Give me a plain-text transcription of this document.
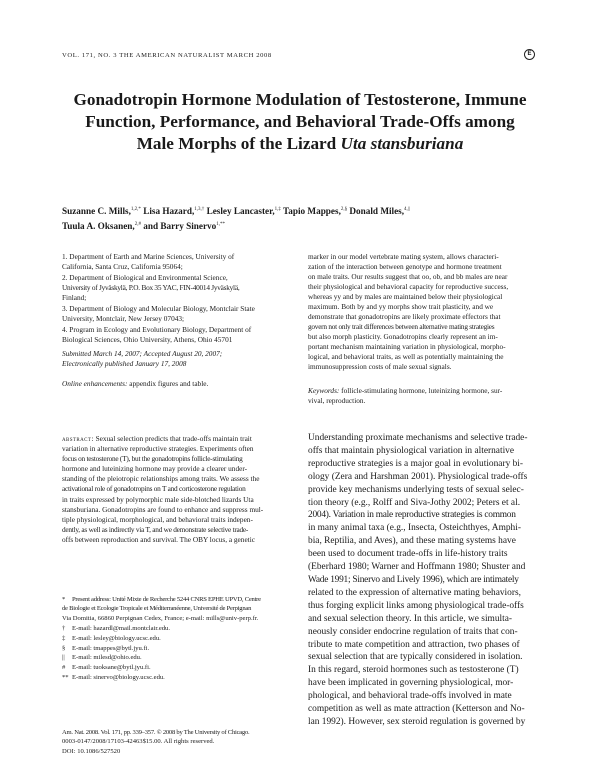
VOL. 171, NO. 3 THE AMERICAN NATURALIST MARCH 2008	E
Gonadotropin Hormone Modulation of Testosterone, Immune
Function, Performance, and Behavioral Trade-Offs among
Male Morphs of the Lizard Uta stansburiana
Suzanne C. Mills,$^{1,2,*}$ Lisa Hazard,$^{1,3,\dagger}$ Lesley Lancaster,$^{1,\ddagger}$ Tapio Mappes,$^{2,\S}$ Donald Miles,$^{4,||}$
Tuula A. Oksanen,$^{2,\#}$ and Barry Sinervo$^{1,**}$
1. Department of Earth and Marine Sciences, University of
California, Santa Cruz, California 95064;
2. Department of Biological and Environmental Science,
University of Jyväskylä, P.O. Box 35 YAC, FIN-40014 Jyväskylä,
Finland;
3. Department of Biology and Molecular Biology, Montclair State
University, Montclair, New Jersey 07043;
4. Program in Ecology and Evolutionary Biology, Department of
Biological Sciences, Ohio University, Athens, Ohio 45701
Submitted March 14, 2007; Accepted August 20, 2007;
Electronically published January 17, 2008
Online enhancements: appendix figures and table.
marker in our model vertebrate mating system, allows characteri-
zation of the interaction between genotype and hormone treatment
on male traits. Our results suggest that oo, ob, and bb males are near
their physiological and behavioral capacity for reproductive success,
whereas yy and by males are maintained below their physiological
maximum. Both by and yy morphs show trait plasticity, and we
demonstrate that gonadotropins are likely proximate effectors that
govern not only trait differences between alternative mating strategies
but also morph plasticity. Gonadotropins clearly represent an im-
portant mechanism maintaining variation in physiological, morpho-
logical, and behavioral traits, as well as potentially maintaining the
immunosuppression costs of male sexual signals.
Keywords: follicle-stimulating hormone, luteinizing hormone, sur-
vival, reproduction.
abstract: Sexual selection predicts that trade-offs maintain trait
variation in alternative reproductive strategies. Experiments often
focus on testosterone (T), but the gonadotropins follicle-stimulating
hormone and luteinizing hormone may provide a clearer under-
standing of the pleiotropic relationships among traits. We assess the
activational role of gonadotropins on T and corticosterone regulation
in traits expressed by polymorphic male side-blotched lizards Uta
stansburiana. Gonadotropins are found to enhance and suppress mul-
tiple physiological, morphological, and behavioral traits indepen-
dently, as well as indirectly via T, and we demonstrate selective trade-
offs between reproduction and survival. The OBY locus, a genetic
* Present address: Unité Mixte de Recherche 5244 CNRS EPHE UPVD, Centre
de Biologie et Ecologie Tropicale et Méditerranéenne, Université de Perpignan
Via Domitia, 66860 Perpignan Cedex, France; e-mail: mills@univ-perp.fr.
† E-mail: hazardl@mail.montclair.edu.
‡ E-mail: lesley@biology.ucsc.edu.
§ E-mail: tmappes@bytl.jyu.fi.
|| E-mail: milesd@ohio.edu.
# E-mail: tuoksane@bytl.jyu.fi.
** E-mail: sinervo@biology.ucsc.edu.
Am. Nat. 2008. Vol. 171, pp. 339–357. © 2008 by The University of Chicago.
0003-0147/2008/17103-42463$15.00. All rights reserved.
DOI: 10.1086/527520
Understanding proximate mechanisms and selective trade-
offs that maintain physiological variation in alternative
reproductive strategies is a major goal in evolutionary bi-
ology (Zera and Harshman 2001). Physiological trade-offs
provide key mechanisms underlying tests of sexual selec-
tion theory (e.g., Rolff and Siva-Jothy 2002; Peters et al.
2004). Variation in male reproductive strategies is common
in many animal taxa (e.g., Insecta, Osteichthyes, Amphi-
bia, Reptilia, and Aves), and these mating systems have
been used to document trade-offs in life-history traits
(Eberhard 1980; Warner and Hoffmann 1980; Shuster and
Wade 1991; Sinervo and Lively 1996), which are intimately
related to the expression of alternative mating behaviors,
thus forging explicit links among physiological trade-offs
and sexual selection theory. In this article, we simulta-
neously consider endocrine regulation of traits that con-
tribute to mate competition and attraction, two phases of
sexual selection that are typically considered in isolation.
In this regard, steroid hormones such as testosterone (T)
have been implicated in governing physiological, mor-
phological, and behavioral trade-offs involved in mate
competition as well as mate attraction (Ketterson and No-
lan 1992). However, sex steroid regulation is governed by
